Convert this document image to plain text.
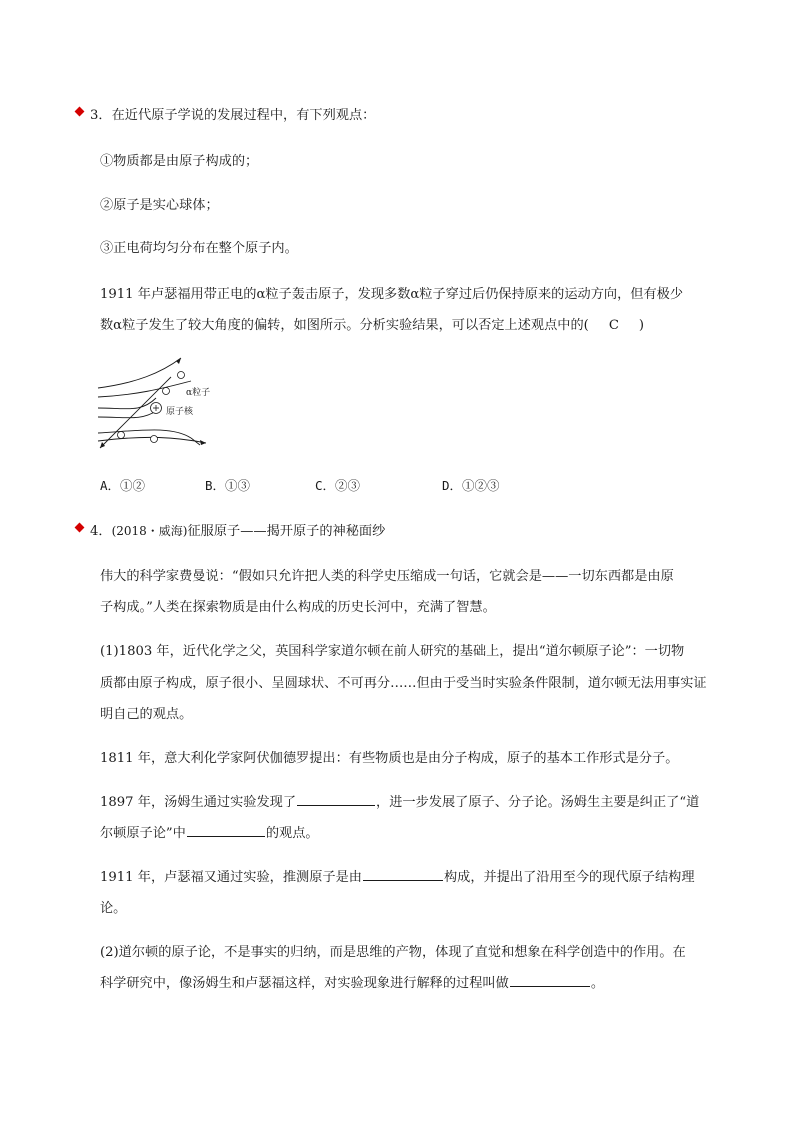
3．在近代原子学说的发展过程中，有下列观点：
①物质都是由原子构成的；
②原子是实心球体；
③正电荷均匀分布在整个原子内。
1911 年卢瑟福用带正电的α粒子轰击原子，发现多数α粒子穿过后仍保持原来的运动方向，但有极少
数α粒子发生了较大角度的偏转，如图所示。分析实验结果，可以否定上述观点中的( C )
α粒子
原子核
A．①②	B．①③	C．②③	D．①②③
4．(2018・威海)征服原子——揭开原子的神秘面纱
伟大的科学家费曼说：“假如只允许把人类的科学史压缩成一句话，它就会是——一切东西都是由原
子构成。”人类在探索物质是由什么构成的历史长河中，充满了智慧。
(1)1803 年，近代化学之父，英国科学家道尔顿在前人研究的基础上，提出“道尔顿原子论”：一切物
质都由原子构成，原子很小、呈圆球状、不可再分……但由于受当时实验条件限制，道尔顿无法用事实证
明自己的观点。
1811 年，意大利化学家阿伏伽德罗提出：有些物质也是由分子构成，原子的基本工作形式是分子。
1897 年，汤姆生通过实验发现了	，进一步发展了原子、分子论。汤姆生主要是纠正了“道
尔顿原子论”中	的观点。
1911 年，卢瑟福又通过实验，推测原子是由	构成，并提出了沿用至今的现代原子结构理
论。
(2)道尔顿的原子论，不是事实的归纳，而是思维的产物，体现了直觉和想象在科学创造中的作用。在
科学研究中，像汤姆生和卢瑟福这样，对实验现象进行解释的过程叫做	。
